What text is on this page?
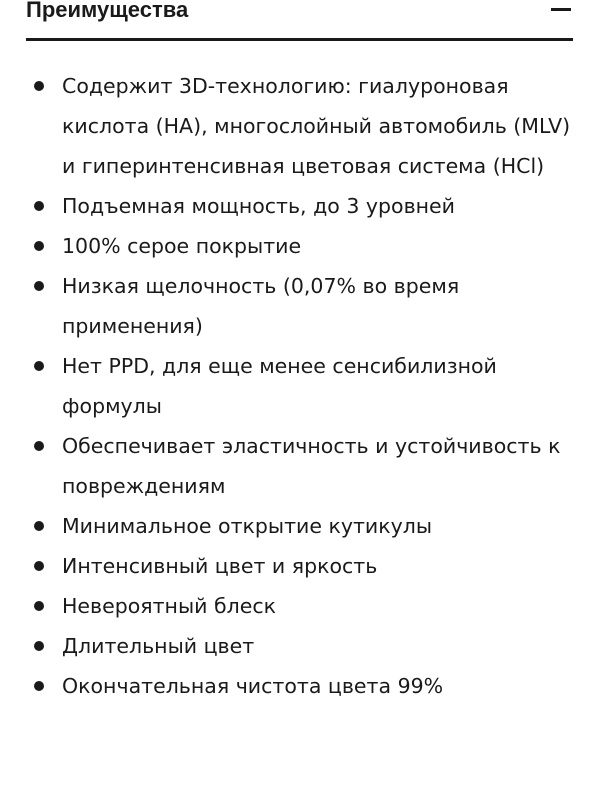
Преимущества
Содержит 3D-технологию: гиалуроновая кислота (HA), многослойный автомобиль (MLV) и гиперинтенсивная цветовая система (HCl)
Подъемная мощность, до 3 уровней
100% серое покрытие
Низкая щелочность (0,07% во время применения)
Нет PPD, для еще менее сенсибилизной формулы
Обеспечивает эластичность и устойчивость к повреждениям
Минимальное открытие кутикулы
Интенсивный цвет и яркость
Невероятный блеск
Длительный цвет
Окончательная чистота цвета 99%
